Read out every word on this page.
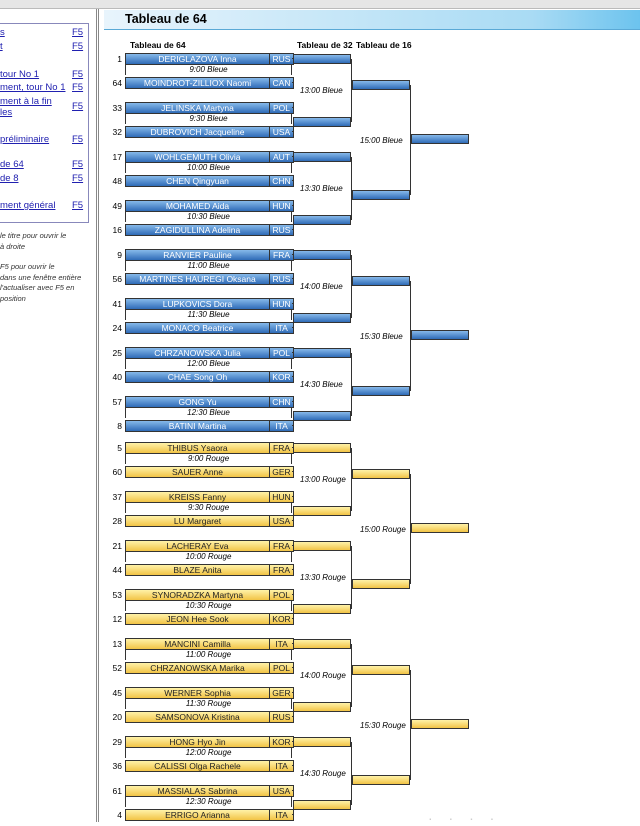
s	F5
t	F5
tour No 1	F5
ment, tour No 1 F5
ment à la fin
les
F5
préliminaire F5
de 64	F5
de 8	F5
ment général F5
le titre pour ouvrir le
à droite
F5 pour ouvrir le
dans une fenêtre entière
l'actualiser avec F5 en
position
Tableau de 64
Tableau de 64	Tableau de 32 Tableau de 16
1
64
DERIGLAZOVA Inna	RUS
MOINDROT-ZILLIOX Naomi	CAN
9:00 Bleue
33
32
JELINSKA Martyna	POL
DUBROVICH Jacqueline	USA
9:30 Bleue
17
48
WOHLGEMUTH Olivia	AUT
CHEN Qingyuan	CHN
10:00 Bleue
49
16
MOHAMED Aida	HUN
ZAGIDULLINA Adelina	RUS
10:30 Bleue
9
56
RANVIER Pauline	FRA
MARTINES HAUREGI Oksana	RUS
11:00 Bleue
41
24
LUPKOVICS Dora	HUN
MONACO Beatrice	ITA
11:30 Bleue
25
40
CHRZANOWSKA Julia	POL
CHAE Song Oh	KOR
12:00 Bleue
57
8
GONG Yu	CHN
BATINI Martina	ITA
12:30 Bleue
13:00 Bleue
13:30 Bleue
14:00 Bleue
14:30 Bleue
15:00 Bleue
15:30 Bleue
5
60
THIBUS Ysaora	FRA
SAUER Anne	GER
9:00 Rouge
37
28
KREISS Fanny	HUN
LU Margaret	USA
9:30 Rouge
21
44
LACHERAY Eva	FRA
BLAZE Anita	FRA
10:00 Rouge
53
12
SYNORADZKA Martyna	POL
JEON Hee Sook	KOR
10:30 Rouge
13
52
MANCINI Camilla	ITA
CHRZANOWSKA Marika	POL
11:00 Rouge
45
20
WERNER Sophia	GER
SAMSONOVA Kristina	RUS
11:30 Rouge
29
36
HONG Hyo Jin	KOR
CALISSI Olga Rachele	ITA
12:00 Rouge
61
4
MASSIALAS Sabrina	USA
ERRIGO Arianna	ITA
12:30 Rouge
13:00 Rouge
13:30 Rouge
14:00 Rouge
14:30 Rouge
15:00 Rouge
15:30 Rouge
· · · ·
